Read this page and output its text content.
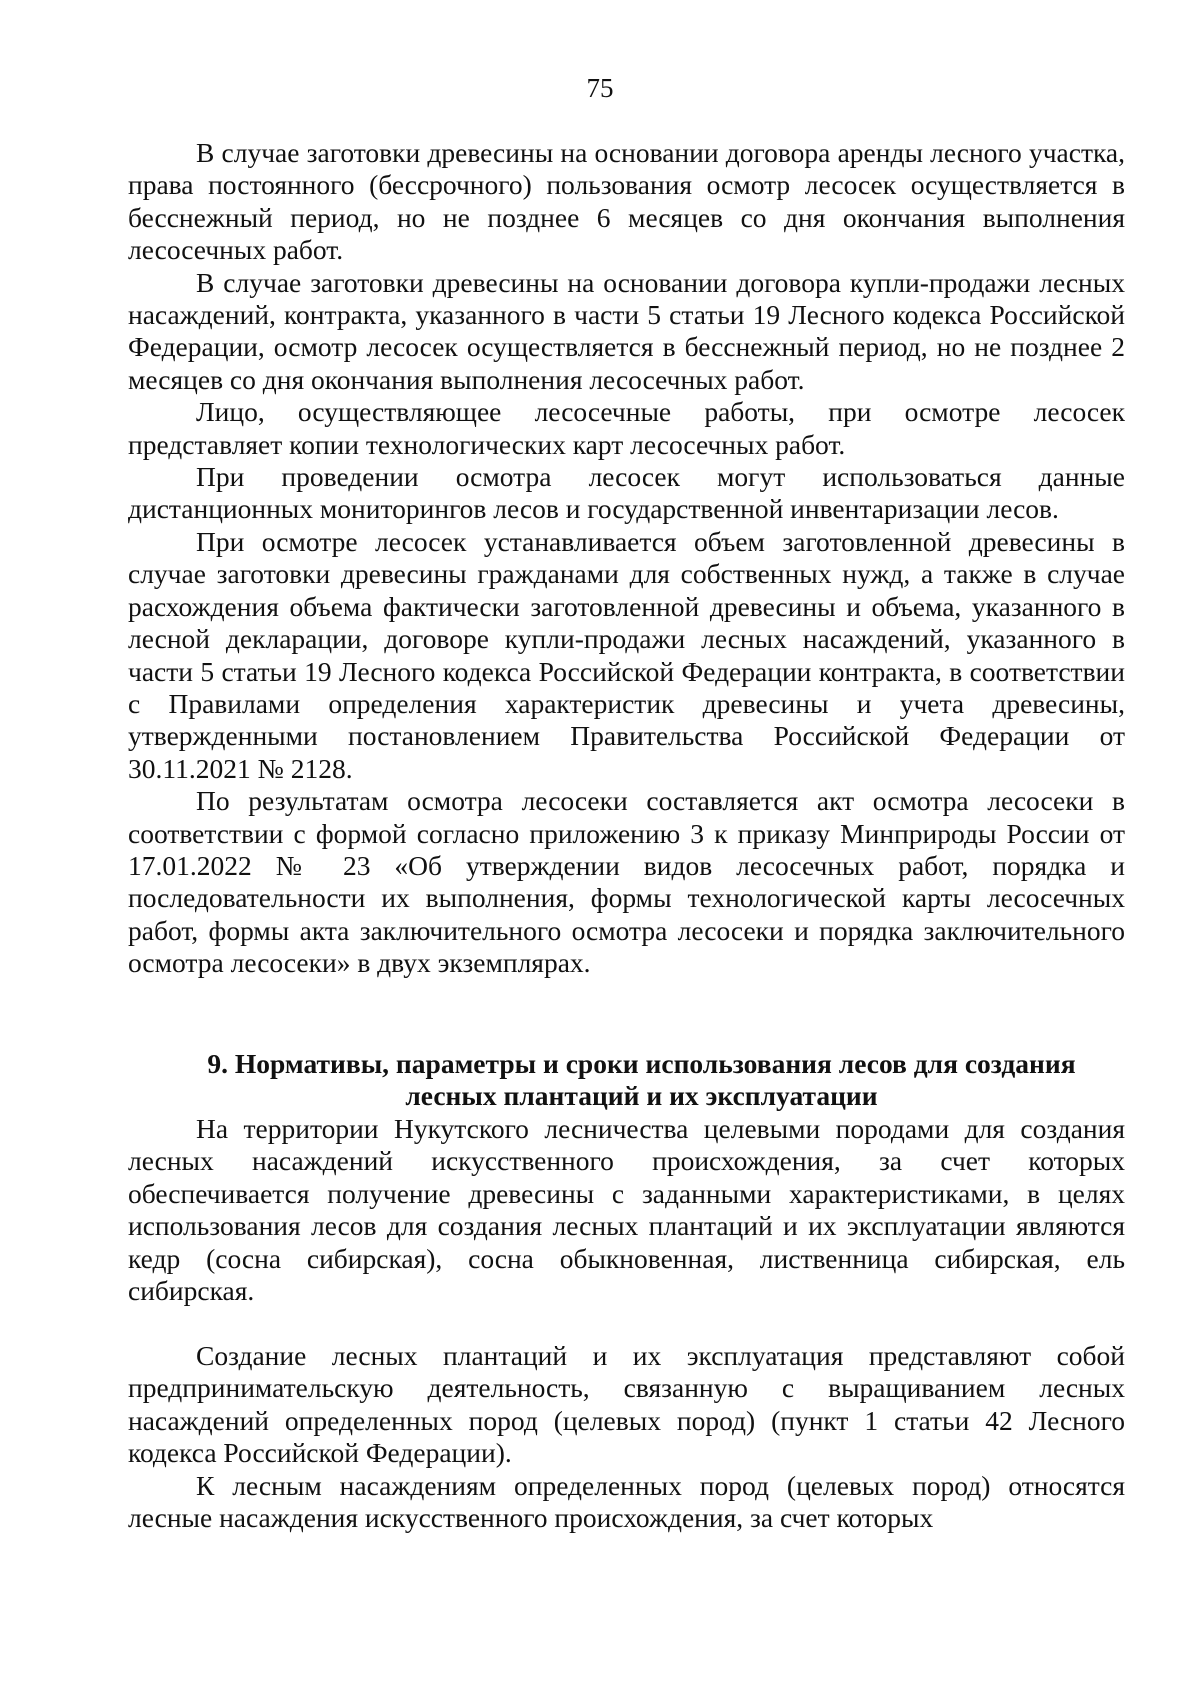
75

В случае заготовки древесины на основании договора аренды лесного участка, права постоянного (бессрочного) пользования осмотр лесосек осуществляется в бесснежный период, но не позднее 6 месяцев со дня окончания выполнения лесосечных работ.

В случае заготовки древесины на основании договора купли-продажи лесных насаждений, контракта, указанного в части 5 статьи 19 Лесного кодекса Российской Федерации, осмотр лесосек осуществляется в бесснежный период, но не позднее 2 месяцев со дня окончания выполнения лесосечных работ.

Лицо, осуществляющее лесосечные работы, при осмотре лесосек представляет копии технологических карт лесосечных работ.

При проведении осмотра лесосек могут использоваться данные дистанционных мониторингов лесов и государственной инвентаризации лесов.

При осмотре лесосек устанавливается объем заготовленной древесины в случае заготовки древесины гражданами для собственных нужд, а также в случае расхождения объема фактически заготовленной древесины и объема, указанного в лесной декларации, договоре купли-продажи лесных насаждений, указанного в части 5 статьи 19 Лесного кодекса Российской Федерации контракта, в соответствии с Правилами определения характеристик древесины и учета древесины, утвержденными постановлением Правительства Российской Федерации от 30.11.2021 № 2128.

По результатам осмотра лесосеки составляется акт осмотра лесосеки в соответствии с формой согласно приложению 3 к приказу Минприроды России от 17.01.2022 № 23 «Об утверждении видов лесосечных работ, порядка и последовательности их выполнения, формы технологической карты лесосечных работ, формы акта заключительного осмотра лесосеки и порядка заключительного осмотра лесосеки» в двух экземплярах.

9. Нормативы, параметры и сроки использования лесов для создания
лесных плантаций и их эксплуатации

На территории Нукутского лесничества целевыми породами для создания лесных насаждений искусственного происхождения, за счет которых обеспечивается получение древесины с заданными характеристиками, в целях использования лесов для создания лесных плантаций и их эксплуатации являются кедр (сосна сибирская), сосна обыкновенная, лиственница сибирская, ель сибирская.

Создание лесных плантаций и их эксплуатация представляют собой предпринимательскую деятельность, связанную с выращиванием лесных насаждений определенных пород (целевых пород) (пункт 1 статьи 42 Лесного кодекса Российской Федерации).

К лесным насаждениям определенных пород (целевых пород) относятся лесные насаждения искусственного происхождения, за счет которых
